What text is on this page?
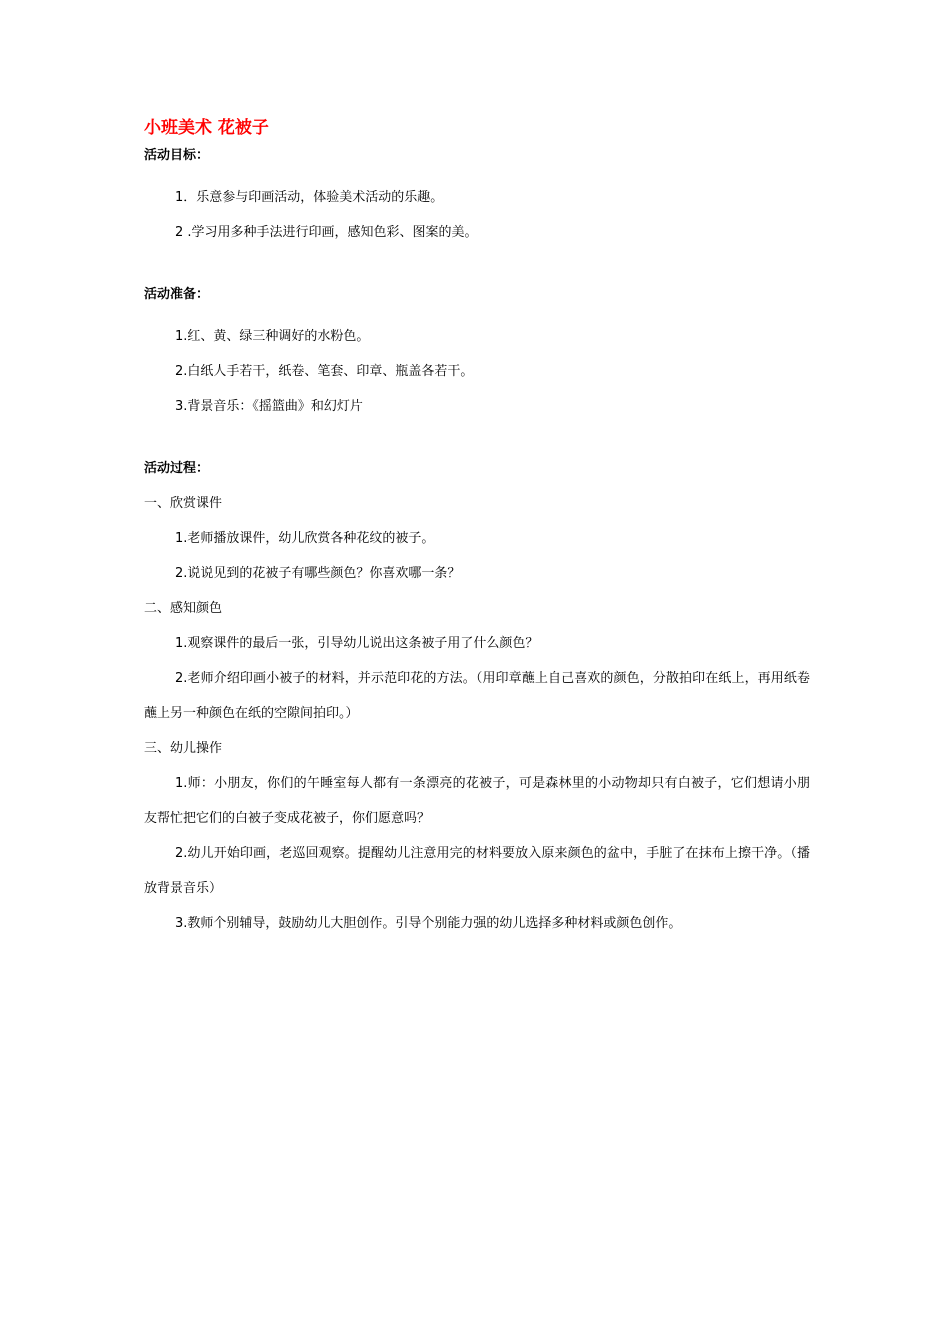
小班美术 花被子
活动目标：

1．乐意参与印画活动，体验美术活动的乐趣。

2 .学习用多种手法进行印画，感知色彩、图案的美。

活动准备：

1.红、黄、绿三种调好的水粉色。

2.白纸人手若干，纸卷、笔套、印章、瓶盖各若干。

3.背景音乐：《摇篮曲》和幻灯片

活动过程：

一、欣赏课件

1.老师播放课件，幼儿欣赏各种花纹的被子。

2.说说见到的花被子有哪些颜色？你喜欢哪一条？

二、感知颜色

1.观察课件的最后一张，引导幼儿说出这条被子用了什么颜色？

2.老师介绍印画小被子的材料，并示范印花的方法。（用印章蘸上自己喜欢的颜色，分散拍印在纸上，再用纸卷蘸上另一种颜色在纸的空隙间拍印。）

三、幼儿操作

1.师：小朋友，你们的午睡室每人都有一条漂亮的花被子，可是森林里的小动物却只有白被子，它们想请小朋友帮忙把它们的白被子变成花被子，你们愿意吗？

2.幼儿开始印画，老巡回观察。提醒幼儿注意用完的材料要放入原来颜色的盆中，手脏了在抹布上擦干净。（播放背景音乐）

3.教师个别辅导，鼓励幼儿大胆创作。引导个别能力强的幼儿选择多种材料或颜色创作。
